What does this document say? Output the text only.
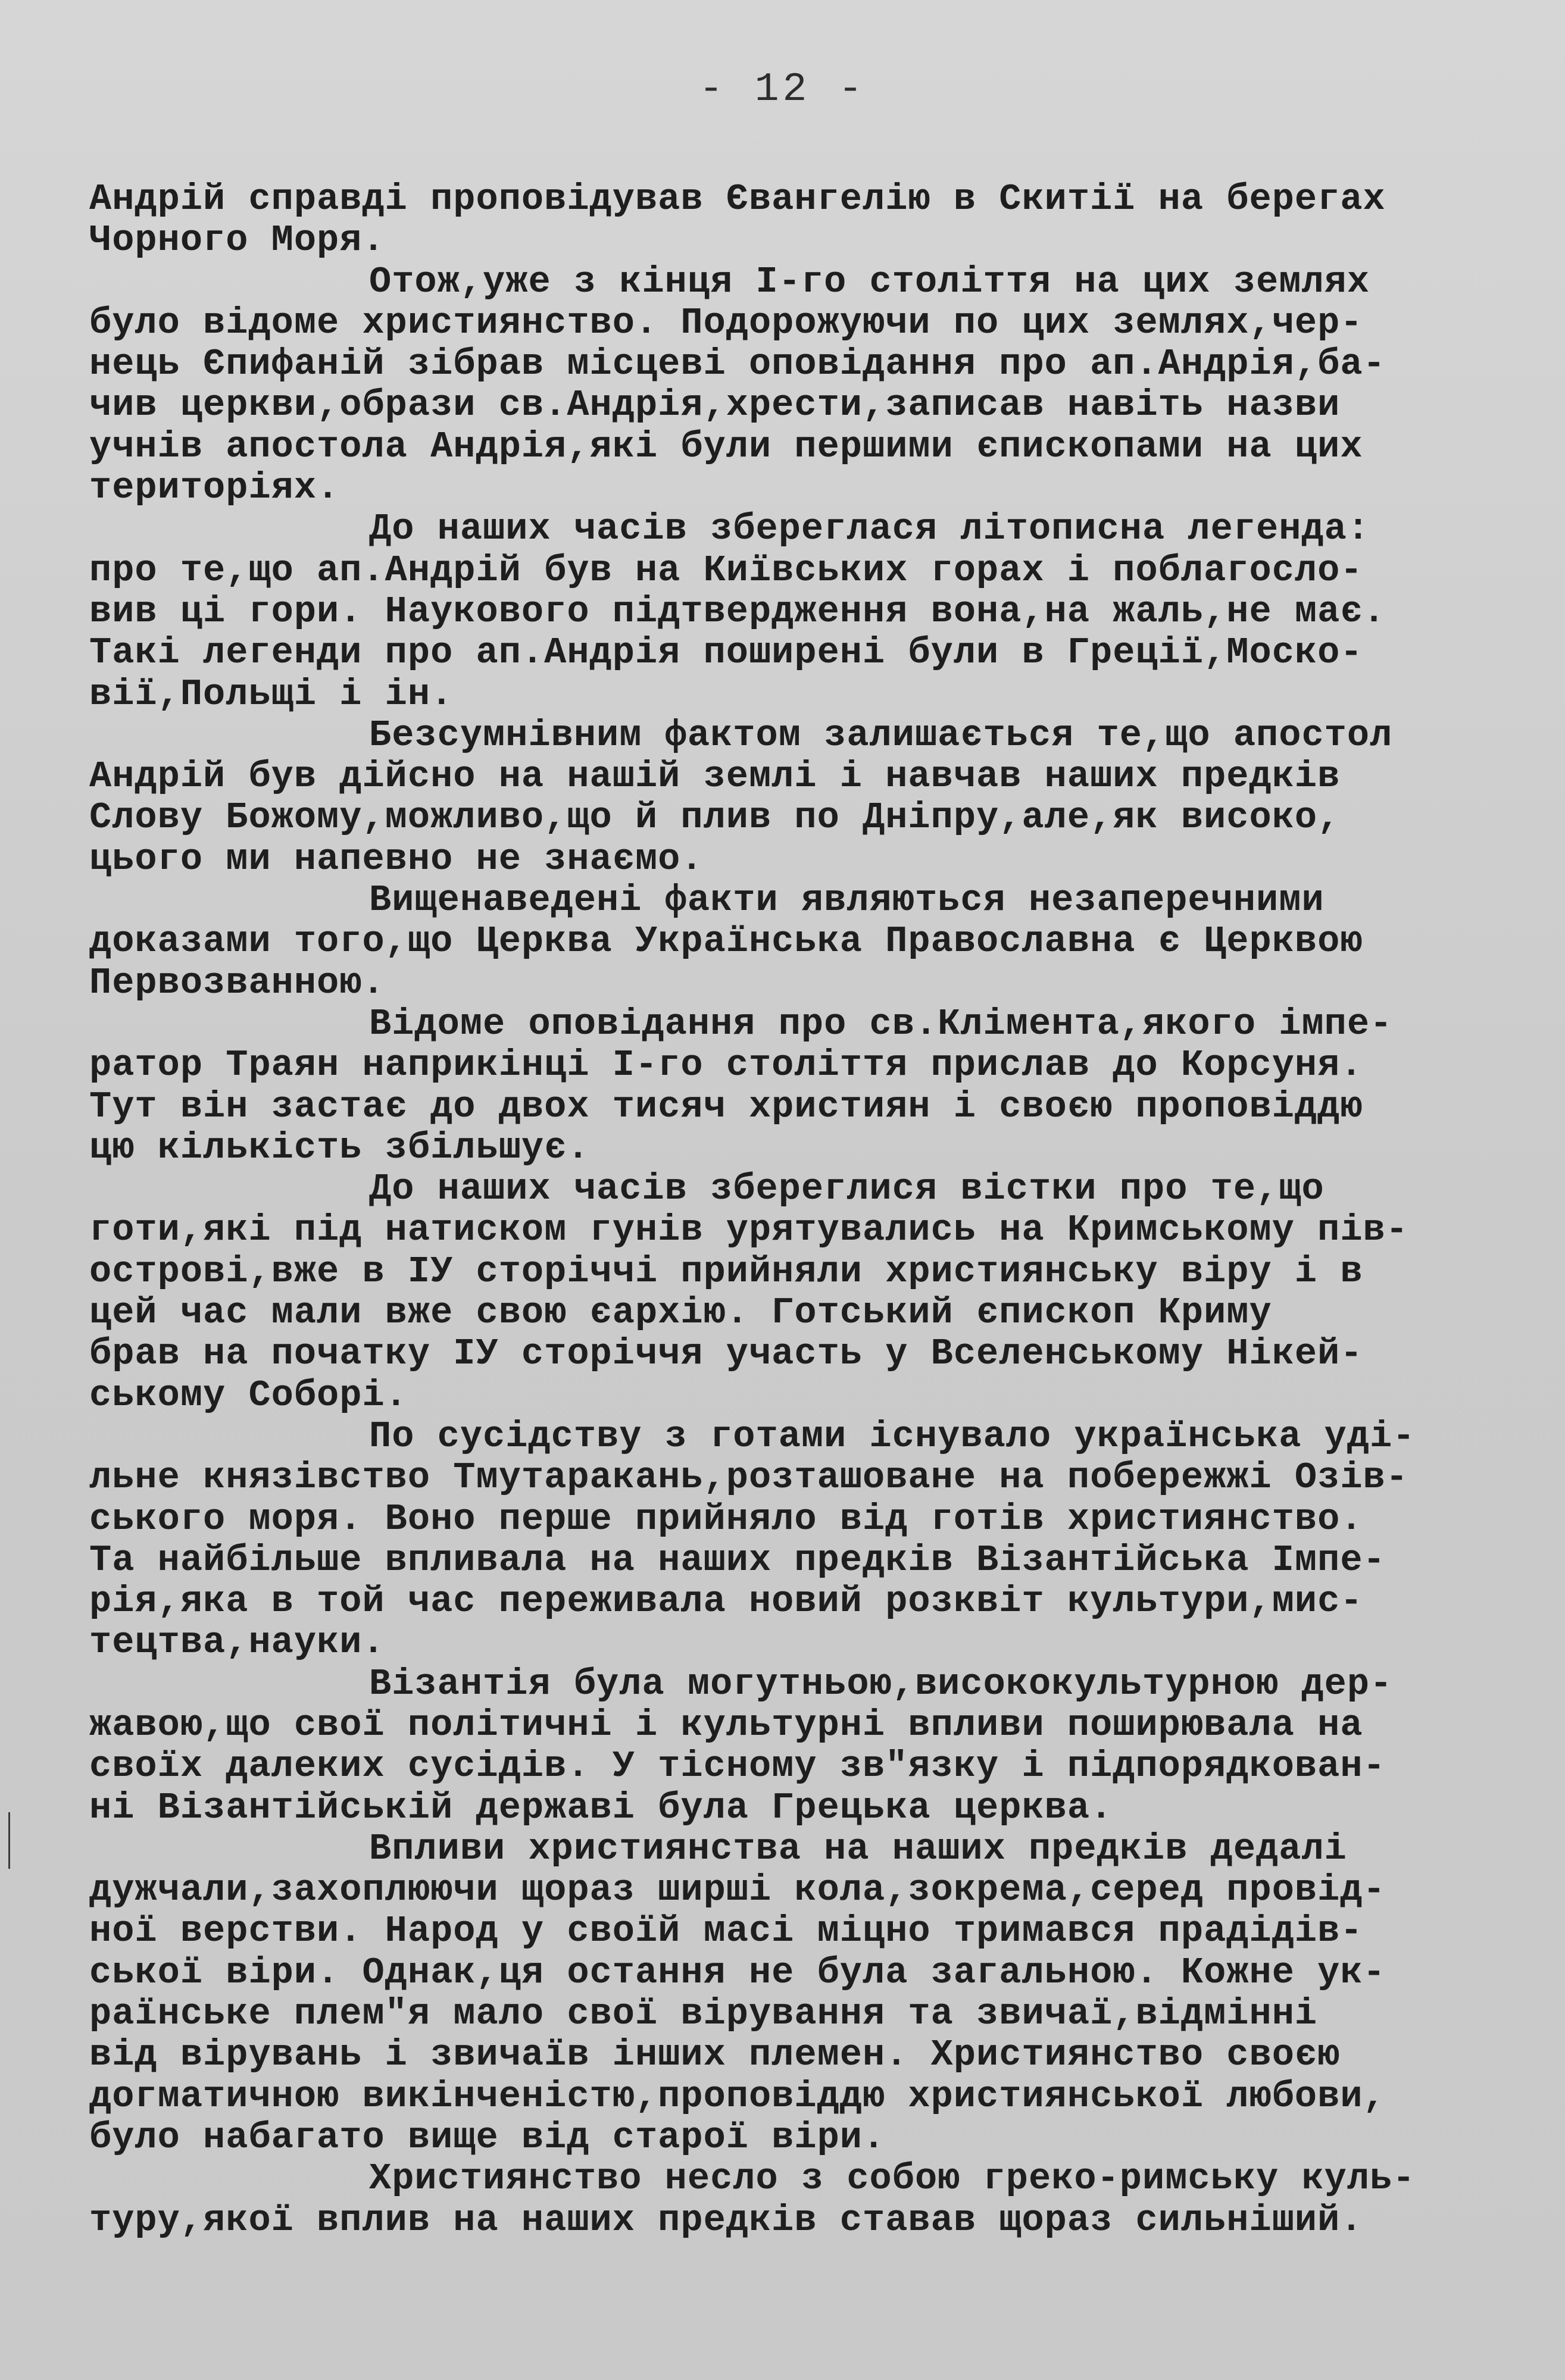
- 12 -
Андрій справді проповідував Євангелію в Скитії на берегах
Чорного Моря.
Отож,уже з кінця І-го століття на цих землях
було відоме християнство. Подорожуючи по цих землях,чер-
нець Єпифаній зібрав місцеві оповідання про ап.Андрія,ба-
чив церкви,образи св.Андрія,хрести,записав навіть назви
учнів апостола Андрія,які були першими єпископами на цих
територіях.
До наших часів збереглася літописна легенда:
про те,що ап.Андрій був на Київських горах і поблагосло-
вив ці гори. Наукового підтвердження вона,на жаль,не має.
Такі легенди про ап.Андрія поширені були в Греції,Моско-
вії,Польщі і ін.
Безсумнівним фактом залишається те,що апостол
Андрій був дійсно на нашій землі і навчав наших предків
Слову Божому,можливо,що й плив по Дніпру,але,як високо,
цього ми напевно не знаємо.
Вищенаведені факти являються незаперечними
доказами того,що Церква Українська Православна є Церквою
Первозванною.
Відоме оповідання про св.Клімента,якого імпе-
ратор Траян наприкінці І-го століття прислав до Корсуня.
Тут він застає до двох тисяч християн і своєю проповіддю
цю кількість збільшує.
До наших часів збереглися вістки про те,що
готи,які під натиском гунів урятувались на Кримському пів-
острові,вже в ІУ сторіччі прийняли християнську віру і в
цей час мали вже свою єархію. Готський єпископ Криму
брав на початку ІУ сторіччя участь у Вселенському Нікей-
ському Соборі.
По сусідству з готами існувало українська уді-
льне князівство Тмутаракань,розташоване на побережжі Озів-
ського моря. Воно перше прийняло від готів християнство.
Та найбільше впливала на наших предків Візантійська Імпе-
рія,яка в той час переживала новий розквіт культури,мис-
тецтва,науки.
Візантія була могутньою,висококультурною дер-
жавою,що свої політичні і культурні впливи поширювала на
своїх далеких сусідів. У тісному зв"язку і підпорядкован-
ні Візантійській державі була Грецька церква.
Впливи християнства на наших предків дедалі
дужчали,захоплюючи щораз ширші кола,зокрема,серед провід-
ної верстви. Народ у своїй масі міцно тримався прадідів-
ської віри. Однак,ця остання не була загальною. Кожне ук-
раїнське плем"я мало свої вірування та звичаї,відмінні
від вірувань і звичаїв інших племен. Християнство своєю
догматичною викінченістю,проповіддю християнської любови,
було набагато вище від старої віри.
Християнство несло з собою греко-римську куль-
туру,якої вплив на наших предків ставав щораз сильніший.
